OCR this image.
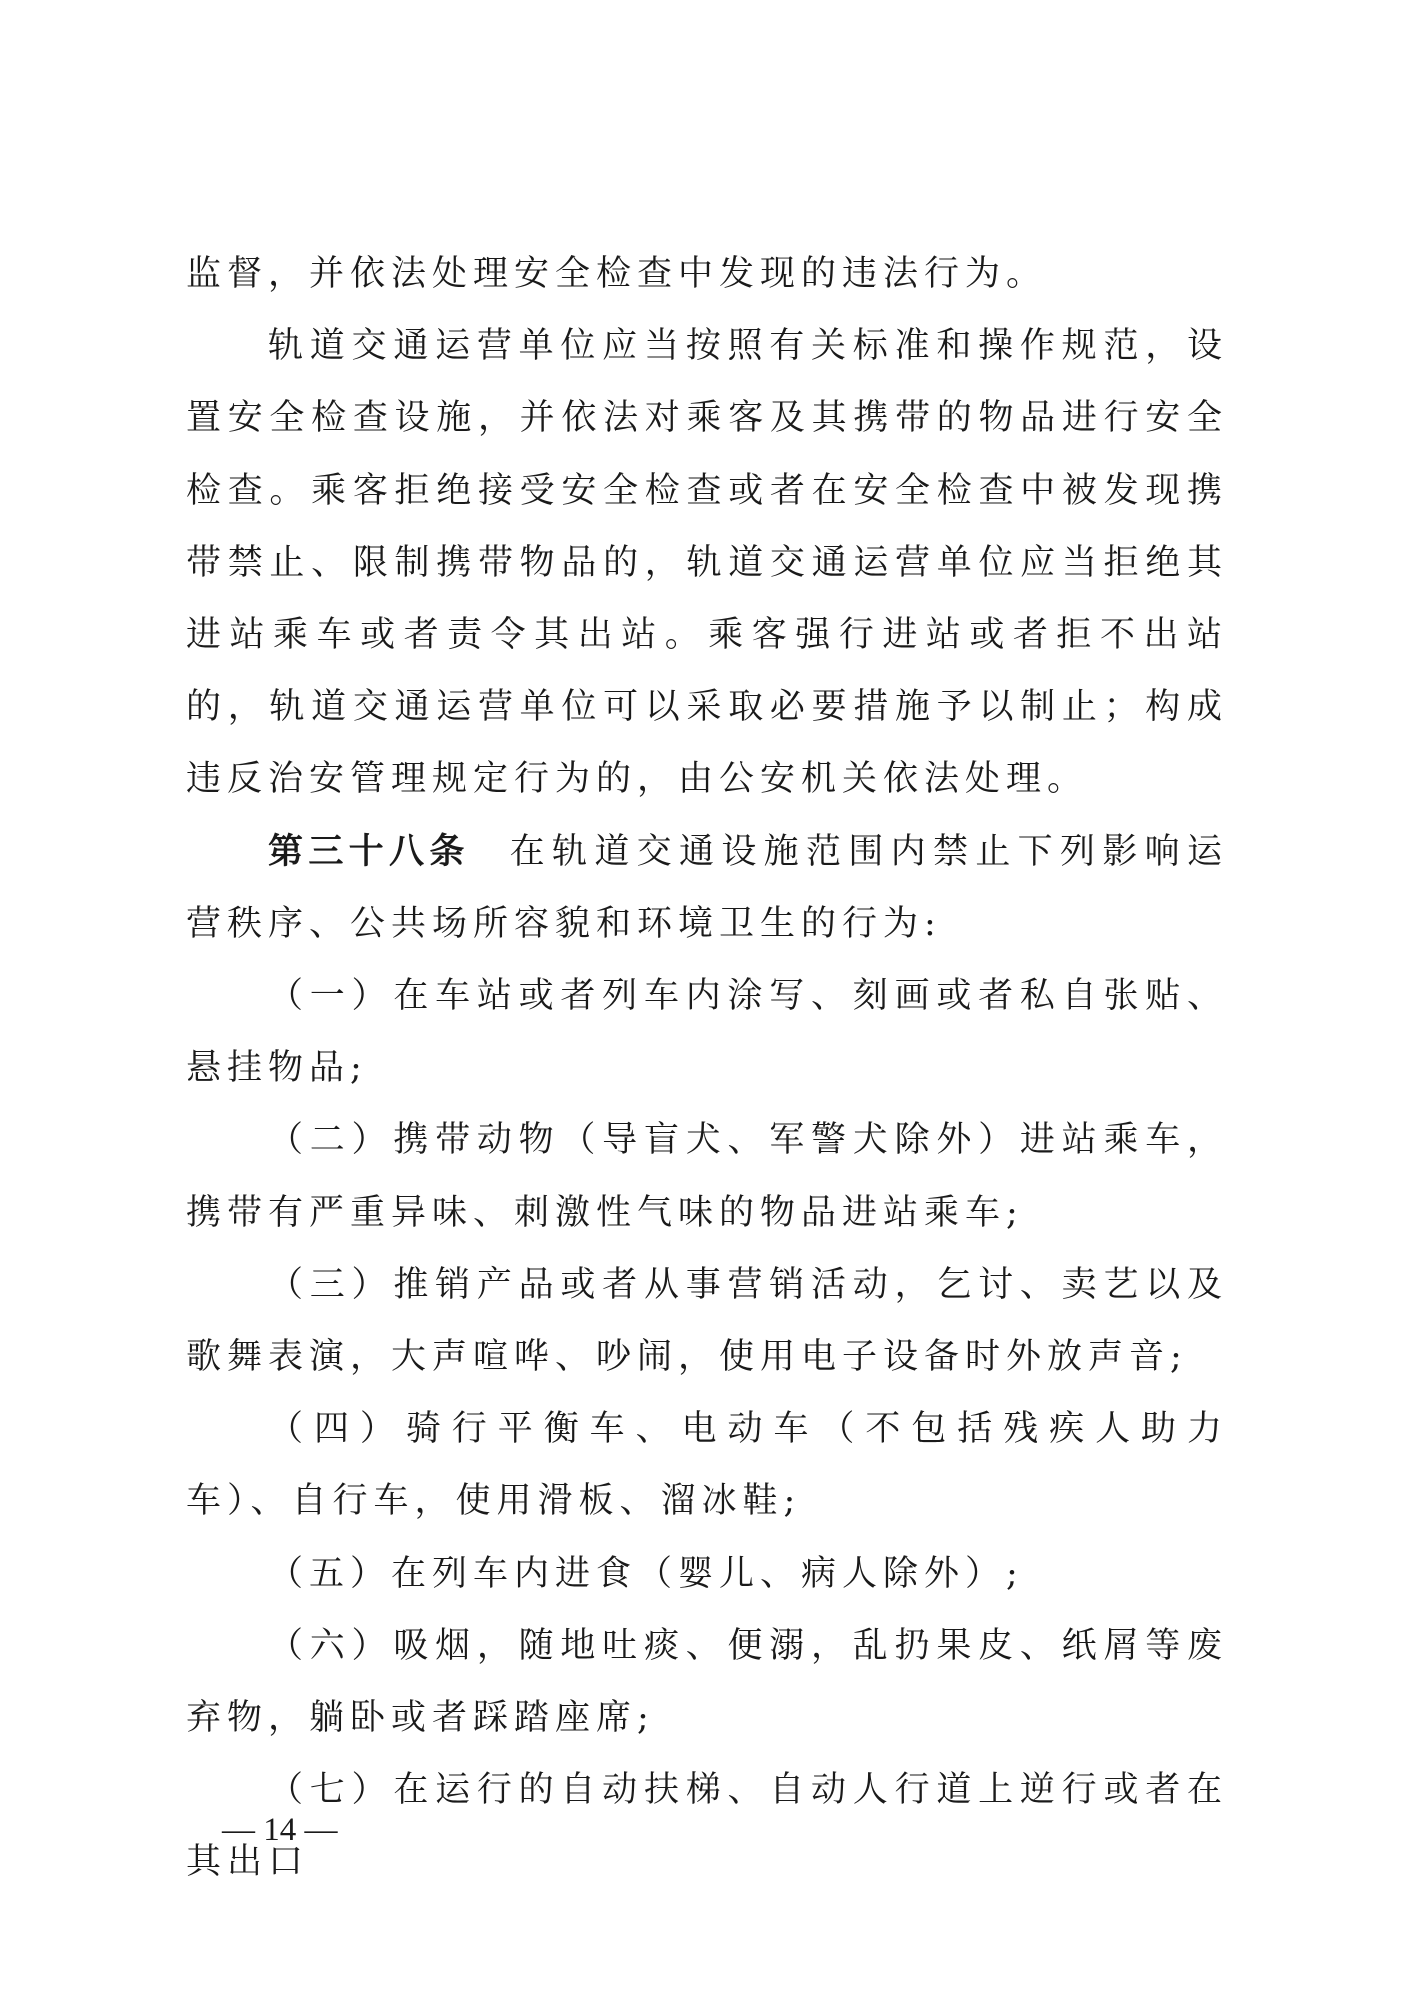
监督，并依法处理安全检查中发现的违法行为。

轨道交通运营单位应当按照有关标准和操作规范，设置安全检查设施，并依法对乘客及其携带的物品进行安全检查。乘客拒绝接受安全检查或者在安全检查中被发现携带禁止、限制携带物品的，轨道交通运营单位应当拒绝其进站乘车或者责令其出站。乘客强行进站或者拒不出站的，轨道交通运营单位可以采取必要措施予以制止；构成违反治安管理规定行为的，由公安机关依法处理。

第三十八条 在轨道交通设施范围内禁止下列影响运营秩序、公共场所容貌和环境卫生的行为:

（一）在车站或者列车内涂写、刻画或者私自张贴、悬挂物品;

（二）携带动物（导盲犬、军警犬除外）进站乘车，携带有严重异味、刺激性气味的物品进站乘车;

（三）推销产品或者从事营销活动，乞讨、卖艺以及歌舞表演，大声喧哗、吵闹，使用电子设备时外放声音;

（四）骑行平衡车、电动车（不包括残疾人助力车）、自行车，使用滑板、溜冰鞋;

（五）在列车内进食（婴儿、病人除外）;

（六）吸烟，随地吐痰、便溺，乱扔果皮、纸屑等废弃物，躺卧或者踩踏座席;

（七）在运行的自动扶梯、自动人行道上逆行或者在其出口

— 14 —
